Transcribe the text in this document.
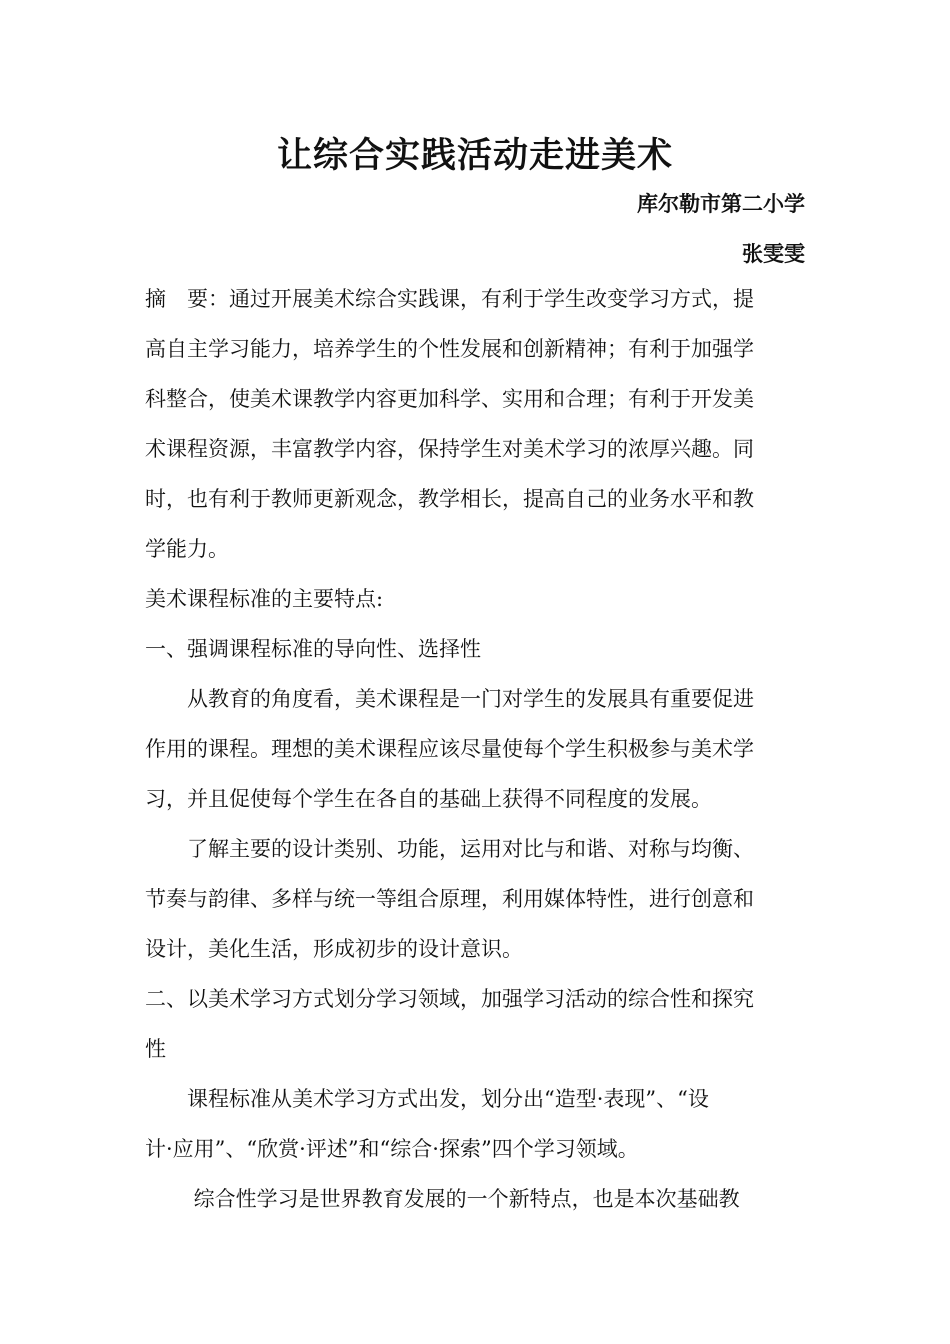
让综合实践活动走进美术
库尔勒市第二小学
张雯雯
摘　要：通过开展美术综合实践课，有利于学生改变学习方式，提
高自主学习能力，培养学生的个性发展和创新精神；有利于加强学
科整合，使美术课教学内容更加科学、实用和合理；有利于开发美
术课程资源，丰富教学内容，保持学生对美术学习的浓厚兴趣。同
时，也有利于教师更新观念，教学相长，提高自己的业务水平和教
学能力。
美术课程标准的主要特点:
一、强调课程标准的导向性、选择性
　　从教育的角度看，美术课程是一门对学生的发展具有重要促进
作用的课程。理想的美术课程应该尽量使每个学生积极参与美术学
习，并且促使每个学生在各自的基础上获得不同程度的发展。
　　了解主要的设计类别、功能，运用对比与和谐、对称与均衡、
节奏与韵律、多样与统一等组合原理，利用媒体特性，进行创意和
设计，美化生活，形成初步的设计意识。
二、以美术学习方式划分学习领域，加强学习活动的综合性和探究
性
　　课程标准从美术学习方式出发，划分出“造型·表现”、“设
计·应用”、“欣赏·评述”和“综合·探索”四个学习领域。
　　 综合性学习是世界教育发展的一个新特点，也是本次基础教
